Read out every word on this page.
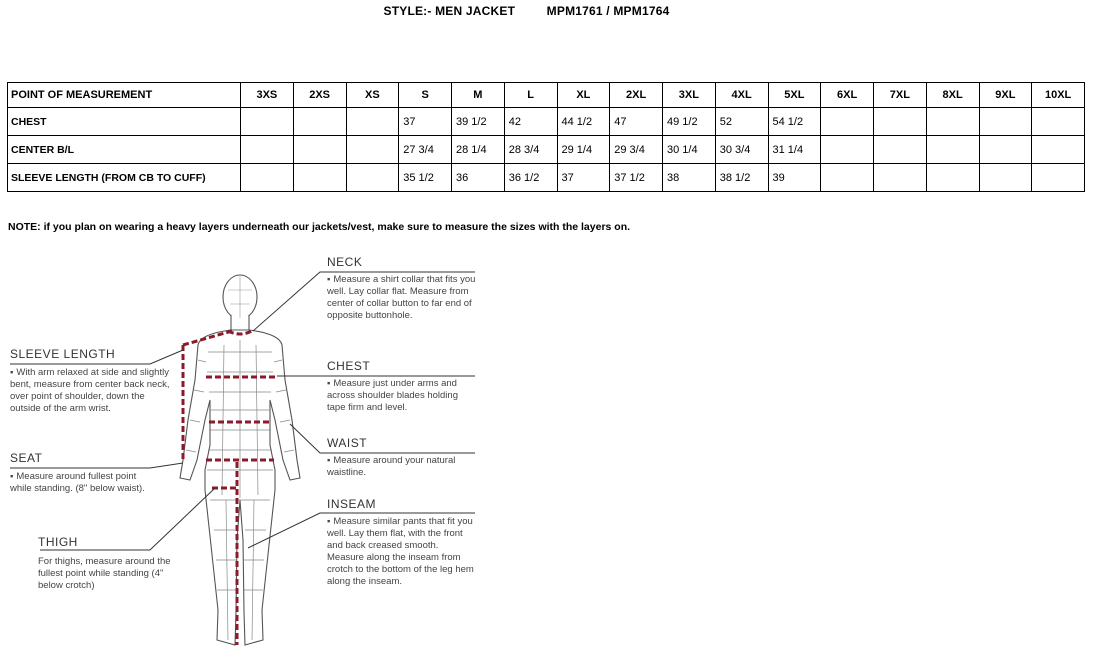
STYLE:- MEN JACKET	MPM1761 / MPM1764
POINT OF MEASUREMENT	3XS	2XS	XS	S	M	L	XL	2XL	3XL	4XL	5XL	6XL	7XL	8XL	9XL	10XL
CHEST				37	39 1/2	42	44 1/2	47	49 1/2	52	54 1/2					
CENTER B/L				27 3/4	28 1/4	28 3/4	29 1/4	29 3/4	30 1/4	30 3/4	31 1/4					
SLEEVE LENGTH (FROM CB TO CUFF)				35 1/2	36	36 1/2	37	37 1/2	38	38 1/2	39					
NOTE: if you plan on wearing a heavy layers underneath our jackets/vest, make sure to measure the sizes with the layers on.
NECK
▪ Measure a shirt collar that fits you well. Lay collar flat. Measure from center of collar button to far end of opposite buttonhole.
CHEST
▪ Measure just under arms and across shoulder blades holding tape firm and level.
WAIST
▪ Measure around your natural waistline.
INSEAM
▪ Measure similar pants that fit you well. Lay them flat, with the front and back creased smooth. Measure along the inseam from crotch to the bottom of the leg hem along the inseam.
SLEEVE LENGTH
▪ With arm relaxed at side and slightly bent, measure from center back neck, over point of shoulder, down the outside of the arm wrist.
SEAT
▪ Measure around fullest point while standing. (8" below waist).
THIGH
For thighs, measure around the fullest point while standing (4" below crotch)
